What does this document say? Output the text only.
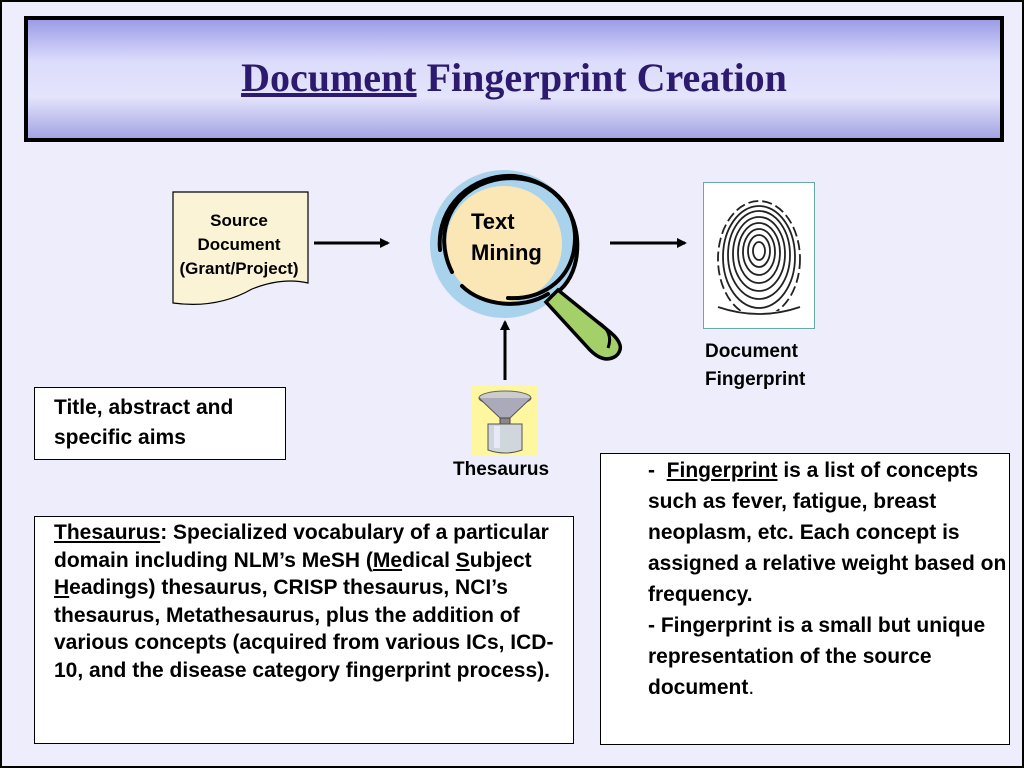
Document Fingerprint Creation
Source
Document
(Grant/Project)
Text
Mining
Document
Fingerprint
Thesaurus
Title, abstract and specific aims
Thesaurus: Specialized vocabulary of a particular domain including NLM’s MeSH (Medical Subject Headings) thesaurus, CRISP thesaurus, NCI’s thesaurus, Metathesaurus, plus the addition of various concepts (acquired from various ICs, ICD-10, and the disease category fingerprint process).
-  Fingerprint is a list of concepts such as fever, fatigue, breast neoplasm, etc. Each concept is assigned a relative weight based on frequency.
- Fingerprint is a small but unique representation of the source document.
